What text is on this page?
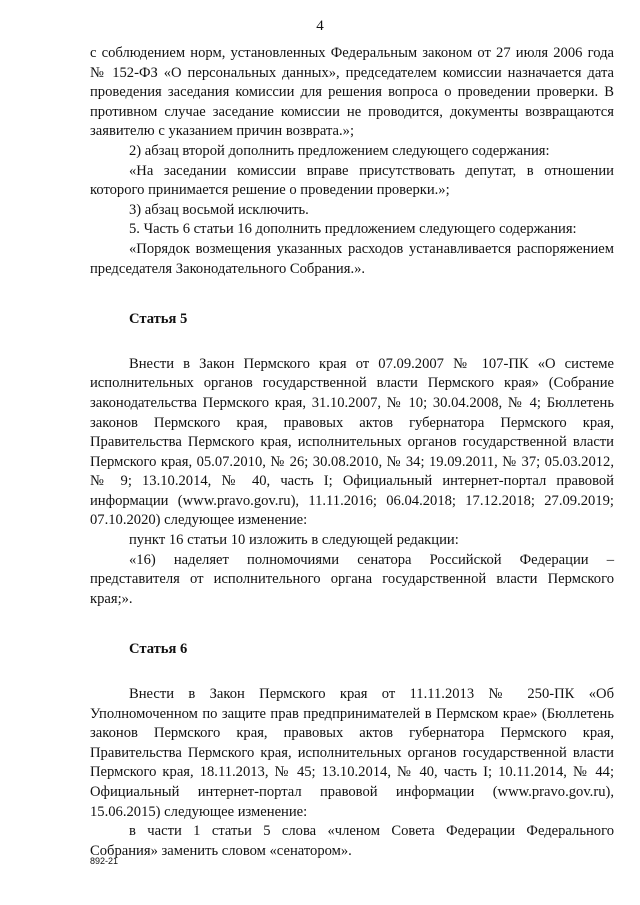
4

с соблюдением норм, установленных Федеральным законом от 27 июля 2006 года № 152-ФЗ «О персональных данных», председателем комиссии назначается дата проведения заседания комиссии для решения вопроса о проведении проверки. В противном случае заседание комиссии не проводится, документы возвращаются заявителю с указанием причин возврата.»;

2) абзац второй дополнить предложением следующего содержания:

«На заседании комиссии вправе присутствовать депутат, в отношении которого принимается решение о проведении проверки.»;

3) абзац восьмой исключить.

5. Часть 6 статьи 16 дополнить предложением следующего содержания:

«Порядок возмещения указанных расходов устанавливается распоряжением председателя Законодательного Собрания.».

Статья 5

Внести в Закон Пермского края от 07.09.2007 № 107-ПК «О системе исполнительных органов государственной власти Пермского края» (Собрание законодательства Пермского края, 31.10.2007, № 10; 30.04.2008, № 4; Бюллетень законов Пермского края, правовых актов губернатора Пермского края, Правительства Пермского края, исполнительных органов государственной власти Пермского края, 05.07.2010, № 26; 30.08.2010, № 34; 19.09.2011, № 37; 05.03.2012, № 9; 13.10.2014, № 40, часть I; Официальный интернет-портал правовой информации (www.pravo.gov.ru), 11.11.2016; 06.04.2018; 17.12.2018; 27.09.2019; 07.10.2020) следующее изменение:

пункт 16 статьи 10 изложить в следующей редакции:

«16) наделяет полномочиями сенатора Российской Федерации – представителя от исполнительного органа государственной власти Пермского края;».

Статья 6

Внести в Закон Пермского края от 11.11.2013 № 250-ПК «Об Уполномоченном по защите прав предпринимателей в Пермском крае» (Бюллетень законов Пермского края, правовых актов губернатора Пермского края, Правительства Пермского края, исполнительных органов государственной власти Пермского края, 18.11.2013, № 45; 13.10.2014, № 40, часть I; 10.11.2014, № 44; Официальный интернет-портал правовой информации (www.pravo.gov.ru), 15.06.2015) следующее изменение:

в части 1 статьи 5 слова «членом Совета Федерации Федерального Собрания» заменить словом «сенатором».

892-21
